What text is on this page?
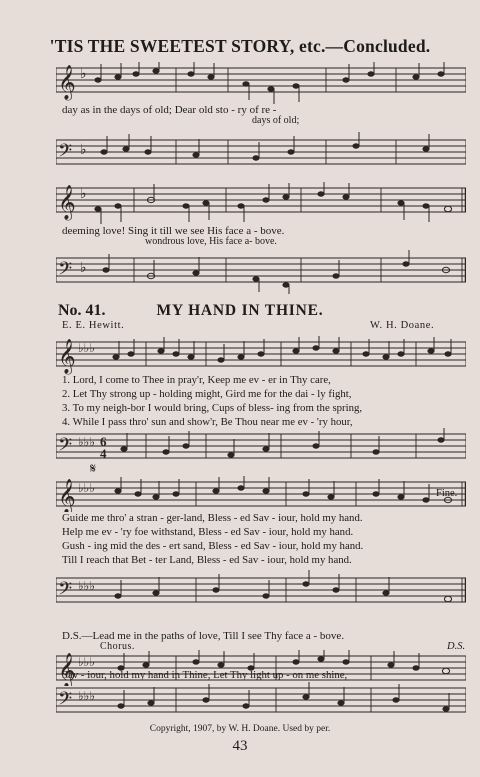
'TIS THE SWEETEST STORY, etc.—Concluded.
𝄞 ♭
day as in the days of old; Dear old sto - ry of re -
days of old;
𝄢 ♭
𝄞 ♭
deeming love! Sing it till we see His face a - bove.
wondrous love, His face a- bove.
𝄢 ♭
No. 41.	MY HAND IN THINE.
E. E. Hewitt.	W. H. Doane.
𝄞 ♭♭♭
1. Lord, I come to Thee in pray'r, Keep me ev - er in Thy care,
2. Let Thy strong up - holding might, Gird me for the dai - ly fight,
3. To my neigh-bor I would bring, Cups of bless- ing from the spring,
4. While I pass thro' sun and show'r, Be Thou near me ev - 'ry hour,
𝄢 ♭♭♭ 6
4
𝄋
Fine.
𝄞 ♭♭♭
Guide me thro' a stran - ger-land, Bless - ed Sav - iour, hold my hand.
Help me ev - 'ry foe withstand, Bless - ed Sav - iour, hold my hand.
Gush - ing mid the des - ert sand, Bless - ed Sav - iour, hold my hand.
Till I reach that Bet - ter Land, Bless - ed Sav - iour, hold my hand.
𝄢 ♭♭♭
D.S.—Lead me in the paths of love, Till I see Thy face a - bove.
Chorus.	D.S.
𝄞 ♭♭♭
Sav - iour, hold my hand in Thine, Let Thy light up - on me shine,
𝄢 ♭♭♭
Copyright, 1907, by W. H. Doane. Used by per.
43
